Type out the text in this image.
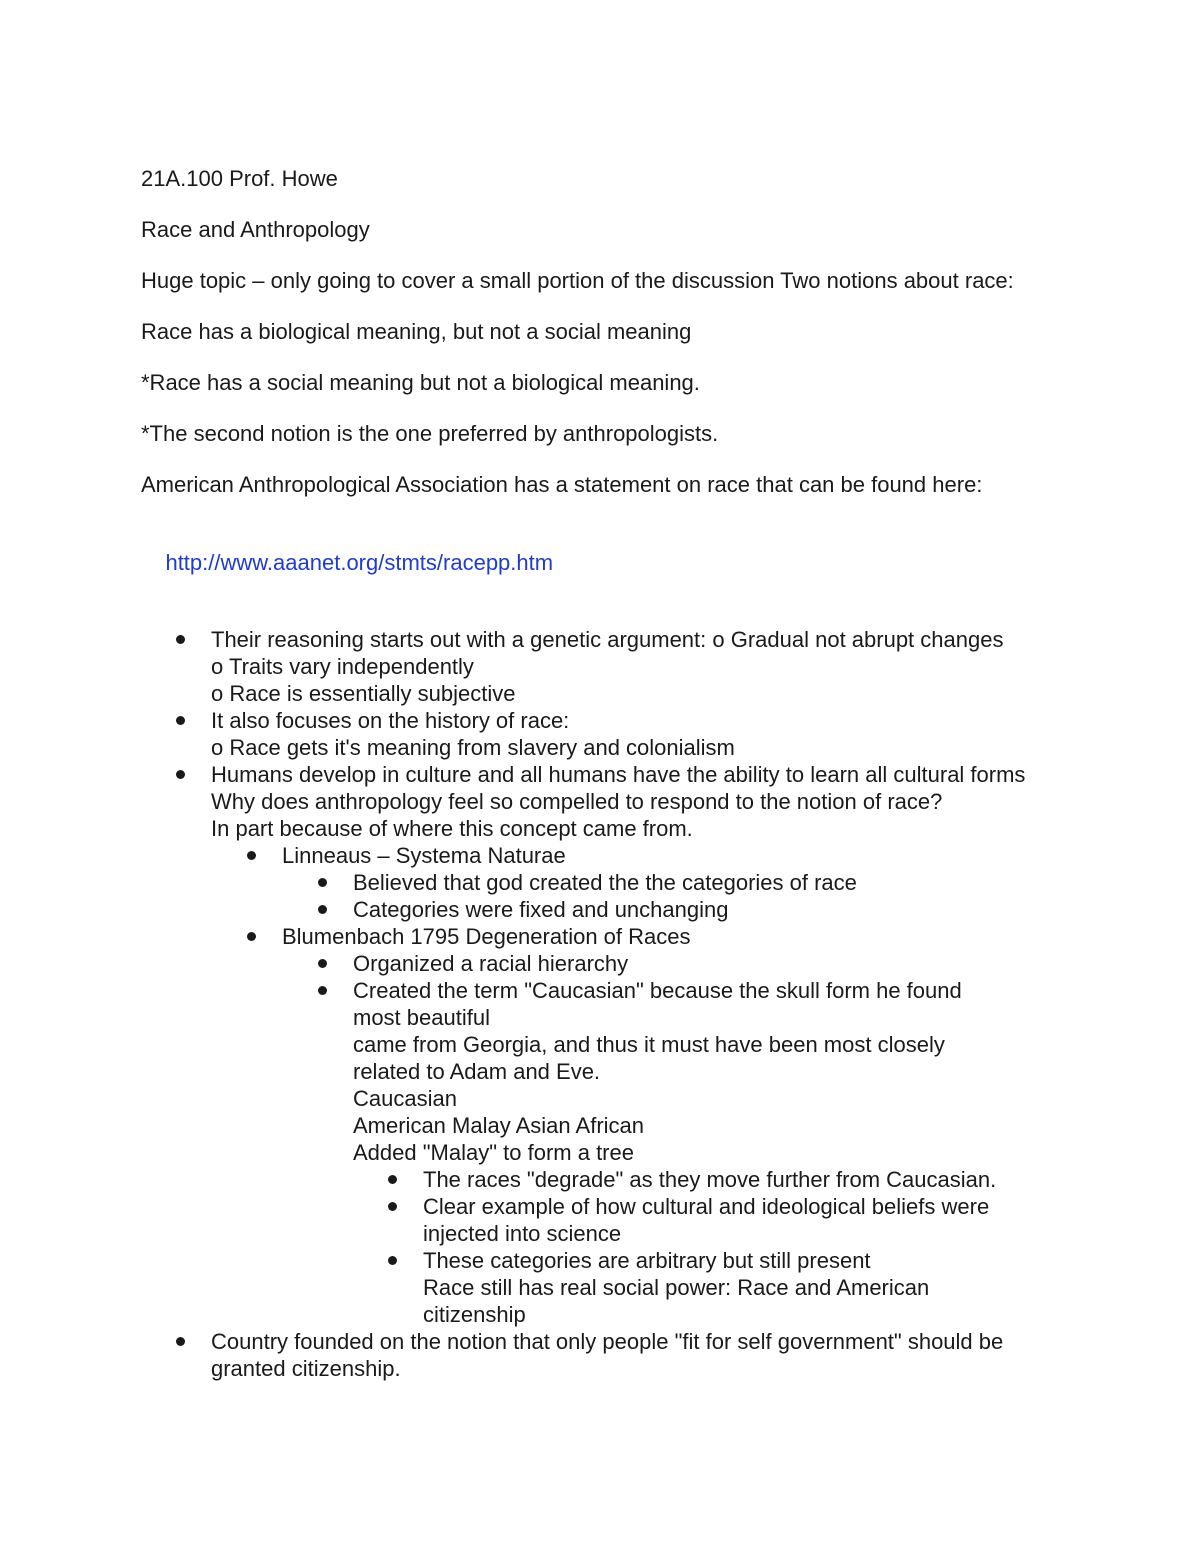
21A.100 Prof. Howe

Race and Anthropology

Huge topic – only going to cover a small portion of the discussion Two notions about race:

Race has a biological meaning, but not a social meaning

*Race has a social meaning but not a biological meaning.

*The second notion is the one preferred by anthropologists.

American Anthropological Association has a statement on race that can be found here:

http://www.aaanet.org/stmts/racepp.htm

Their reasoning starts out with a genetic argument: o Gradual not abrupt changes
o Traits vary independently
o Race is essentially subjective
It also focuses on the history of race:
o Race gets it's meaning from slavery and colonialism
Humans develop in culture and all humans have the ability to learn all cultural forms Why does anthropology feel so compelled to respond to the notion of race?
In part because of where this concept came from.
Linneaus – Systema Naturae
Believed that god created the the categories of race
Categories were fixed and unchanging
Blumenbach 1795 Degeneration of Races
Organized a racial hierarchy
Created the term "Caucasian" because the skull form he found most beautiful
came from Georgia, and thus it must have been most closely related to Adam and Eve.
Caucasian
American Malay Asian African
Added "Malay" to form a tree
The races "degrade" as they move further from Caucasian.
Clear example of how cultural and ideological beliefs were injected into science
These categories are arbitrary but still present
Race still has real social power: Race and American citizenship
Country founded on the notion that only people "fit for self government" should be granted citizenship.
